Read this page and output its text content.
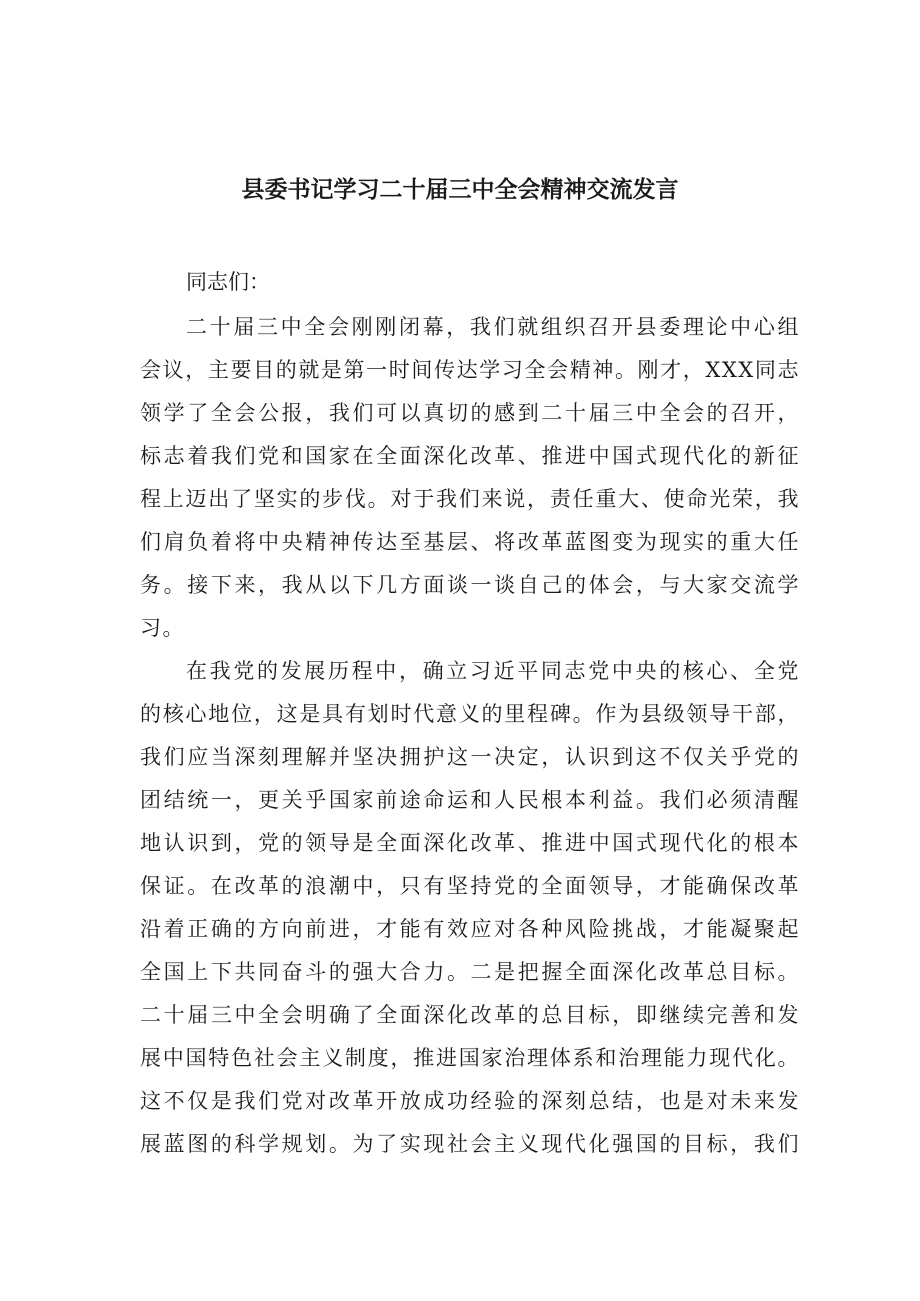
县委书记学习二十届三中全会精神交流发言
同志们：
二十届三中全会刚刚闭幕，我们就组织召开县委理论中心组
会议，主要目的就是第一时间传达学习全会精神。刚才，XXX同志
领学了全会公报，我们可以真切的感到二十届三中全会的召开，
标志着我们党和国家在全面深化改革、推进中国式现代化的新征
程上迈出了坚实的步伐。对于我们来说，责任重大、使命光荣，我
们肩负着将中央精神传达至基层、将改革蓝图变为现实的重大任
务。接下来，我从以下几方面谈一谈自己的体会，与大家交流学
习。
在我党的发展历程中，确立习近平同志党中央的核心、全党
的核心地位，这是具有划时代意义的里程碑。作为县级领导干部，
我们应当深刻理解并坚决拥护这一决定，认识到这不仅关乎党的
团结统一，更关乎国家前途命运和人民根本利益。我们必须清醒
地认识到，党的领导是全面深化改革、推进中国式现代化的根本
保证。在改革的浪潮中，只有坚持党的全面领导，才能确保改革
沿着正确的方向前进，才能有效应对各种风险挑战，才能凝聚起
全国上下共同奋斗的强大合力。二是把握全面深化改革总目标。
二十届三中全会明确了全面深化改革的总目标，即继续完善和发
展中国特色社会主义制度，推进国家治理体系和治理能力现代化。
这不仅是我们党对改革开放成功经验的深刻总结，也是对未来发
展蓝图的科学规划。为了实现社会主义现代化强国的目标，我们
